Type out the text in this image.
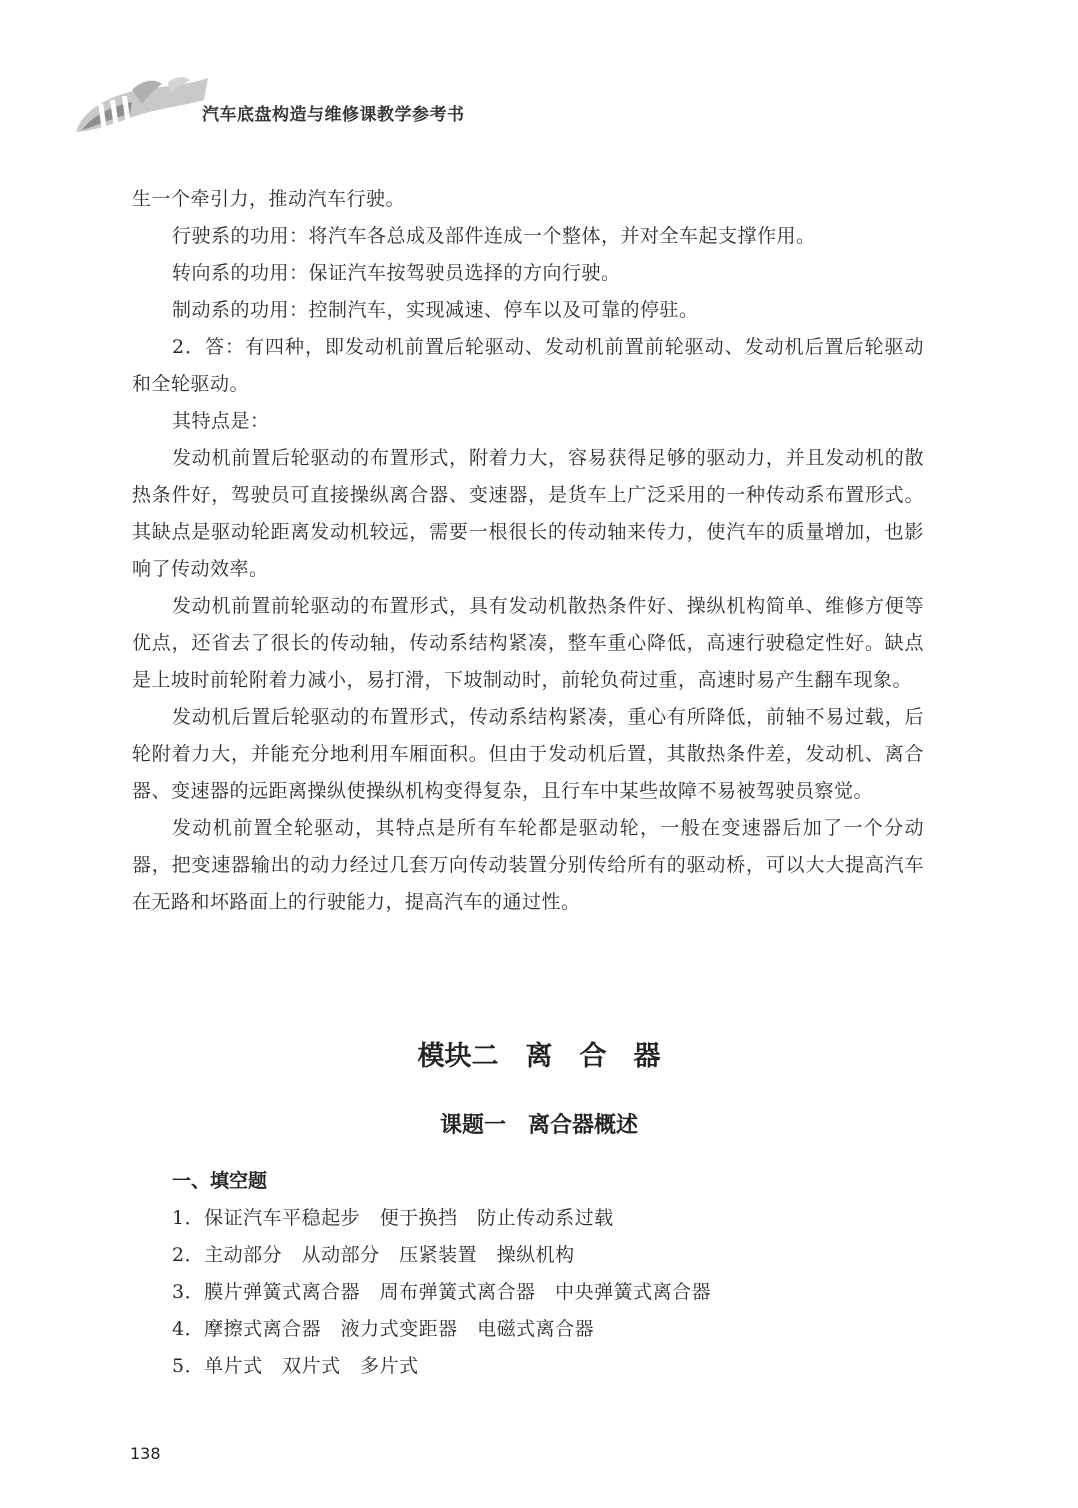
汽车底盘构造与维修课教学参考书

生一个牵引力，推动汽车行驶。

行驶系的功用：将汽车各总成及部件连成一个整体，并对全车起支撑作用。

转向系的功用：保证汽车按驾驶员选择的方向行驶。

制动系的功用：控制汽车，实现减速、停车以及可靠的停驻。

2．答：有四种，即发动机前置后轮驱动、发动机前置前轮驱动、发动机后置后轮驱动和全轮驱动。

其特点是：

发动机前置后轮驱动的布置形式，附着力大，容易获得足够的驱动力，并且发动机的散热条件好，驾驶员可直接操纵离合器、变速器，是货车上广泛采用的一种传动系布置形式。其缺点是驱动轮距离发动机较远，需要一根很长的传动轴来传力，使汽车的质量增加，也影响了传动效率。

发动机前置前轮驱动的布置形式，具有发动机散热条件好、操纵机构简单、维修方便等优点，还省去了很长的传动轴，传动系结构紧凑，整车重心降低，高速行驶稳定性好。缺点是上坡时前轮附着力减小，易打滑，下坡制动时，前轮负荷过重，高速时易产生翻车现象。

发动机后置后轮驱动的布置形式，传动系结构紧凑，重心有所降低，前轴不易过载，后轮附着力大，并能充分地利用车厢面积。但由于发动机后置，其散热条件差，发动机、离合器、变速器的远距离操纵使操纵机构变得复杂，且行车中某些故障不易被驾驶员察觉。

发动机前置全轮驱动，其特点是所有车轮都是驱动轮，一般在变速器后加了一个分动器，把变速器输出的动力经过几套万向传动装置分别传给所有的驱动桥，可以大大提高汽车在无路和坏路面上的行驶能力，提高汽车的通过性。

模块二　离　合　器
课题一　离合器概述
一、填空题
1．保证汽车平稳起步　便于换挡　防止传动系过载
2．主动部分　从动部分　压紧装置　操纵机构
3．膜片弹簧式离合器　周布弹簧式离合器　中央弹簧式离合器
4．摩擦式离合器　液力式变距器　电磁式离合器
5．单片式　双片式　多片式
138
